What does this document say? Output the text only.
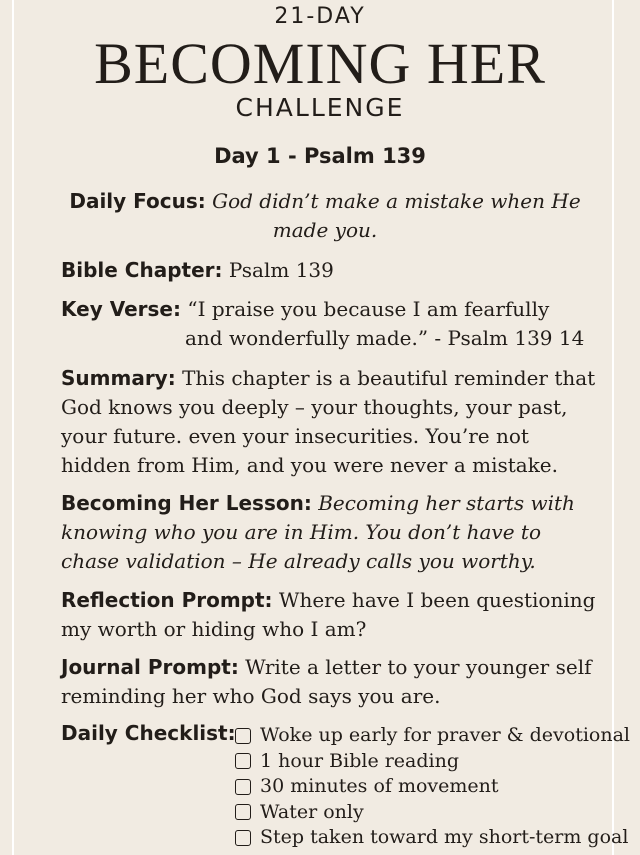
21-DAY
BECOMING HER
CHALLENGE
Day 1 - Psalm 139
Daily Focus: God didn’t make a mistake when He made you.
Bible Chapter: Psalm 139
Key Verse: “I praise you because I am fearfully
and wonderfully made.” - Psalm 139 14
Summary: This chapter is a beautiful reminder that God knows you deeply – your thoughts, your past, your future. even your insecurities. You’re not hidden from Him, and you were never a mistake.
Becoming Her Lesson: Becoming her starts with knowing who you are in Him. You don’t have to chase validation – He already calls you worthy.
Reflection Prompt: Where have I been questioning my worth or hiding who I am?
Journal Prompt: Write a letter to your younger self reminding her who God says you are.
Daily Checklist: Woke up early for praver & devotional
1 hour Bible reading
30 minutes of movement
Water only
Step taken toward my short-term goal
